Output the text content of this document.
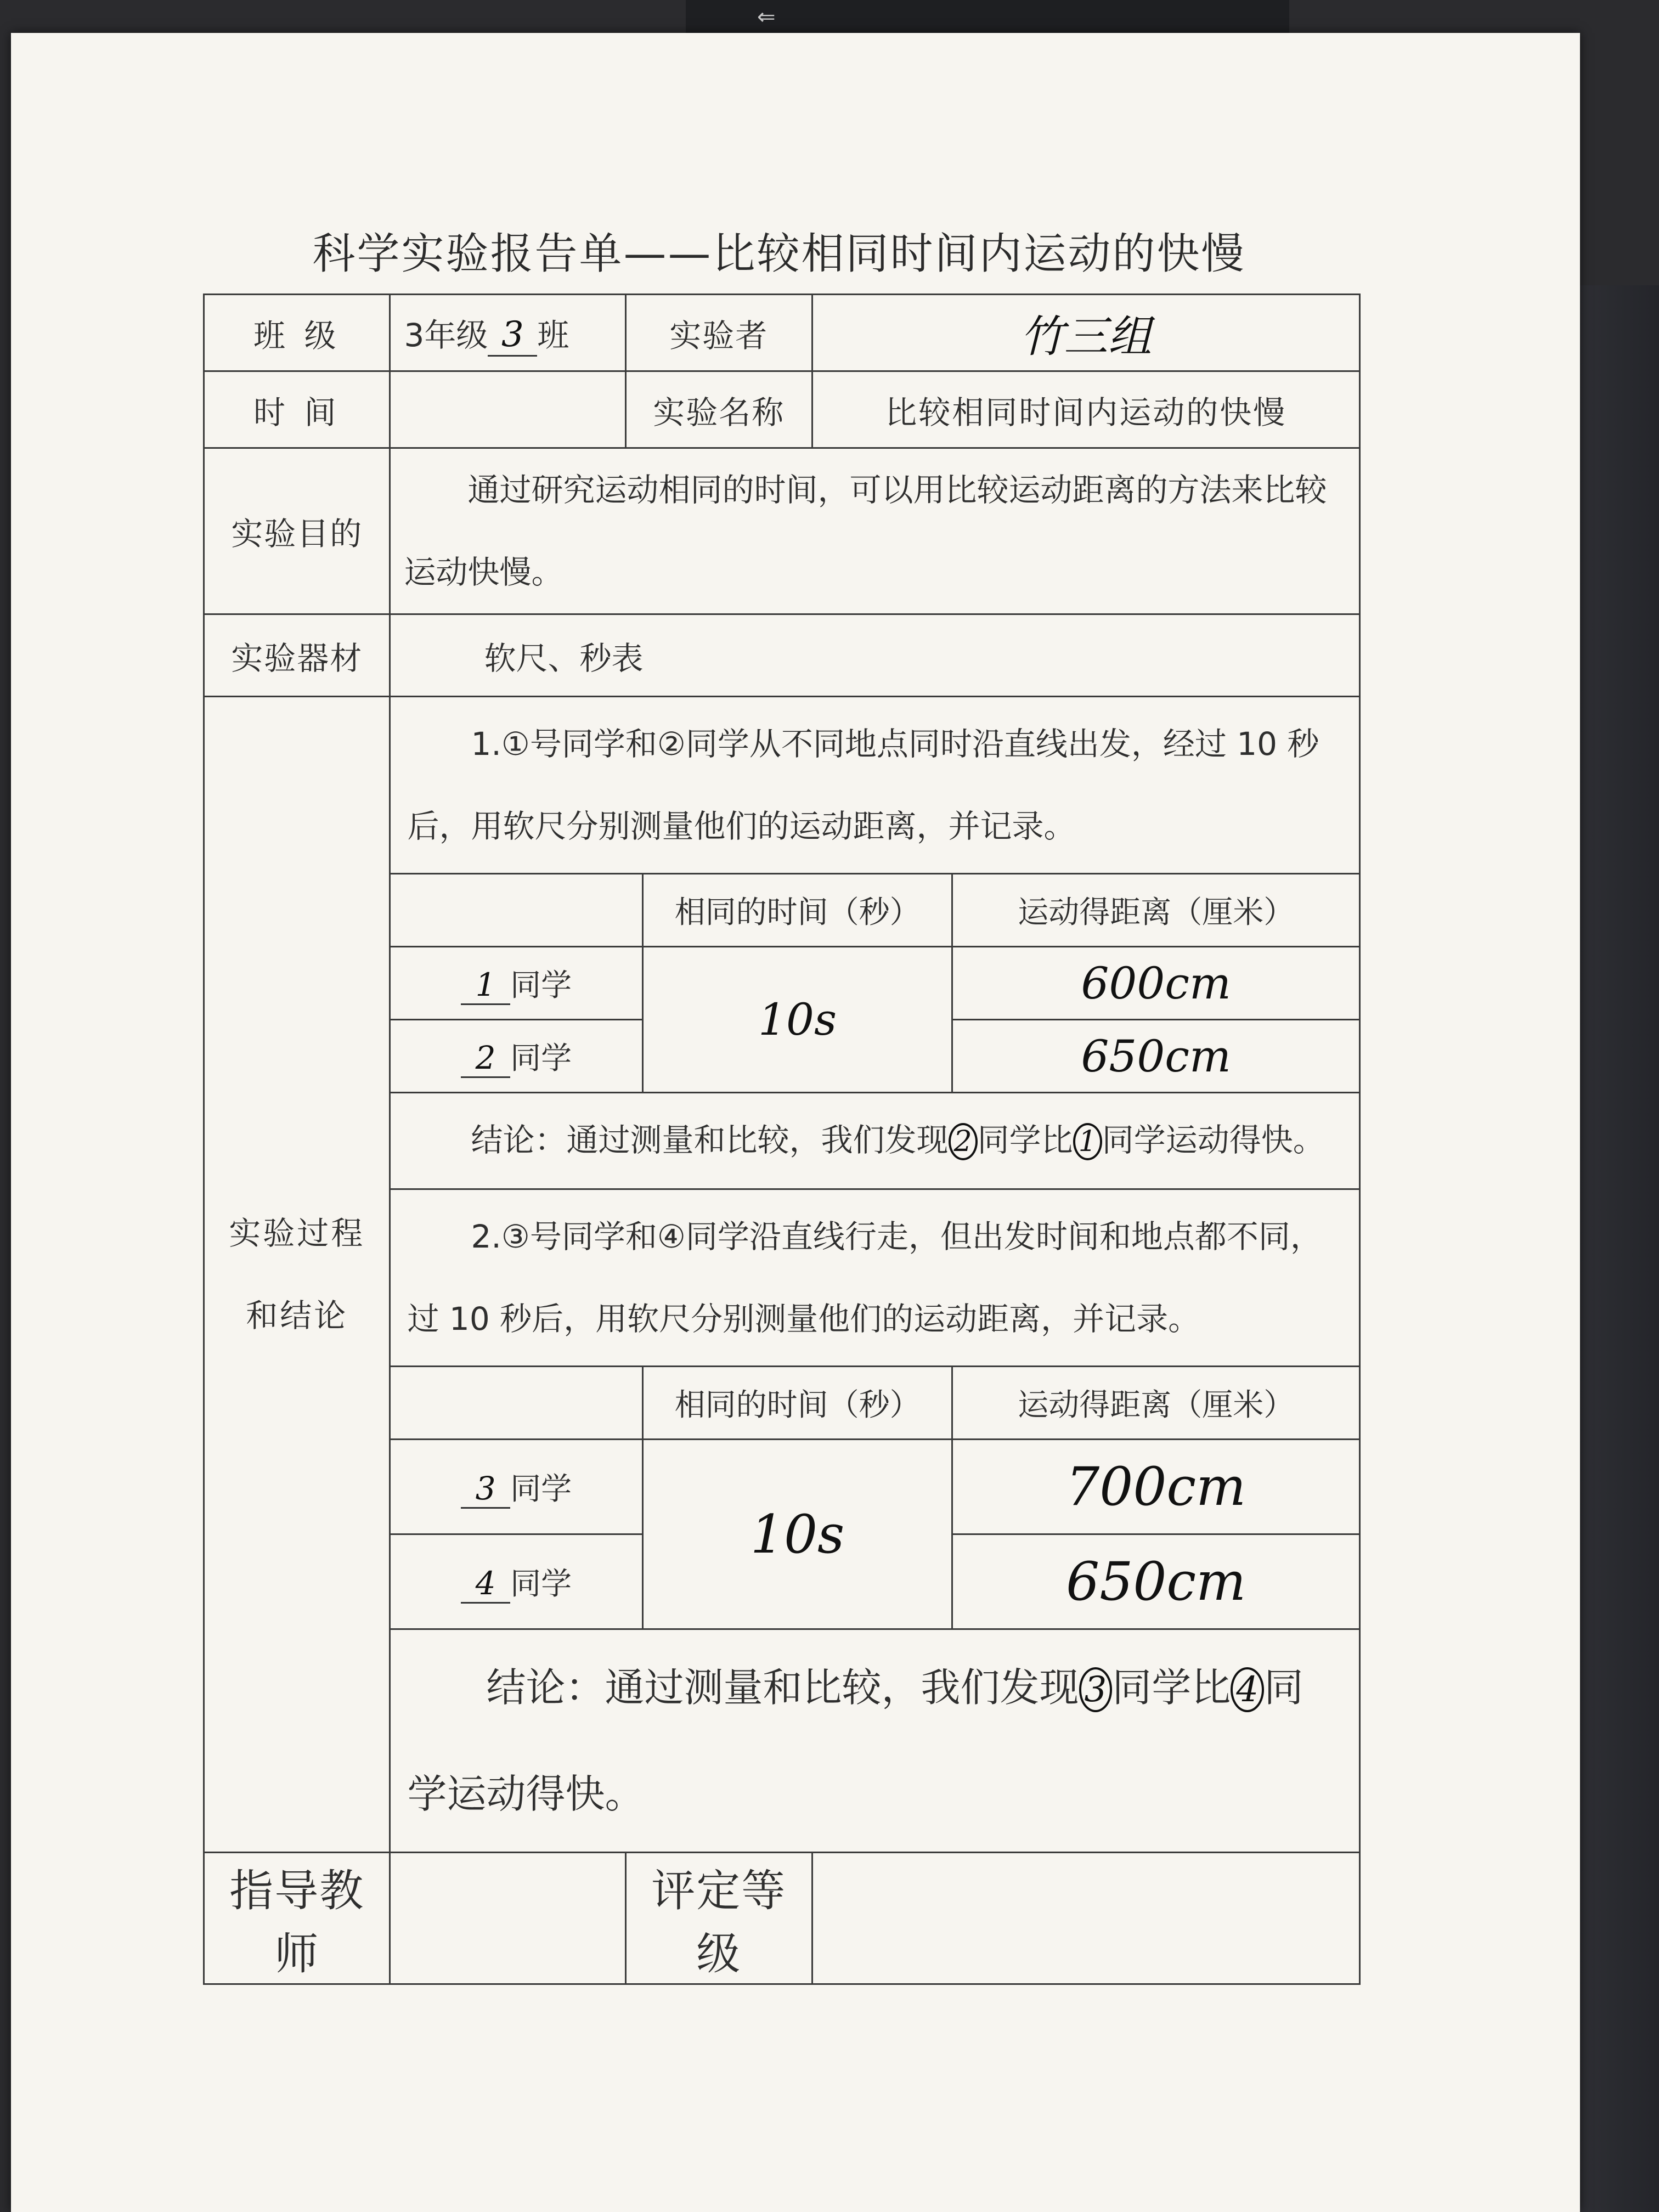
⇐
科学实验报告单——比较相同时间内运动的快慢
班 级	3年级 3 班	实验者	竹三组
时 间		实验名称	比较相同时间内运动的快慢
实验目的	通过研究运动相同的时间，可以用比较运动距离的方法来比较运动快慢。
实验器材	软尺、秒表
实验过程和结论	
1.①号同学和②同学从不同地点同时沿直线出发，经过 10 秒后，用软尺分别测量他们的运动距离，并记录。
	相同的时间（秒）	运动得距离（厘米）
1 同学	10s	600cm
2 同学	650cm
结论：通过测量和比较，我们发现 2 同学比 1 同学运动得快。
2.③号同学和④同学沿直线行走，但出发时间和地点都不同，过 10 秒后，用软尺分别测量他们的运动距离，并记录。
	相同的时间（秒）	运动得距离（厘米）
3 同学	10s	700cm
4 同学	650cm
结论：通过测量和比较，我们发现 3 同学比 4 同学运动得快。

指导教师		评定等级	
